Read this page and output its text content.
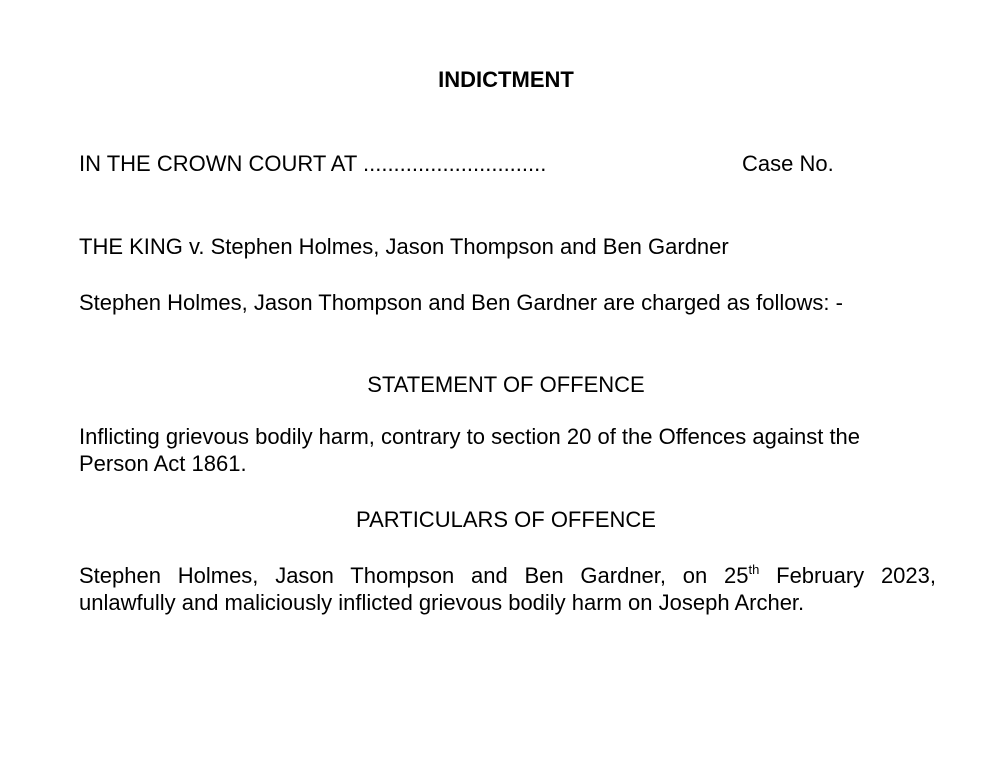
INDICTMENT
IN THE CROWN COURT AT ..............................	Case No.
THE KING v. Stephen Holmes, Jason Thompson and Ben Gardner
Stephen Holmes, Jason Thompson and Ben Gardner are charged as follows: -
STATEMENT OF OFFENCE
Inflicting grievous bodily harm, contrary to section 20 of the Offences against the
Person Act 1861.
PARTICULARS OF OFFENCE
Stephen Holmes, Jason Thompson and Ben Gardner, on 25th February 2023,
unlawfully and maliciously inflicted grievous bodily harm on Joseph Archer.
